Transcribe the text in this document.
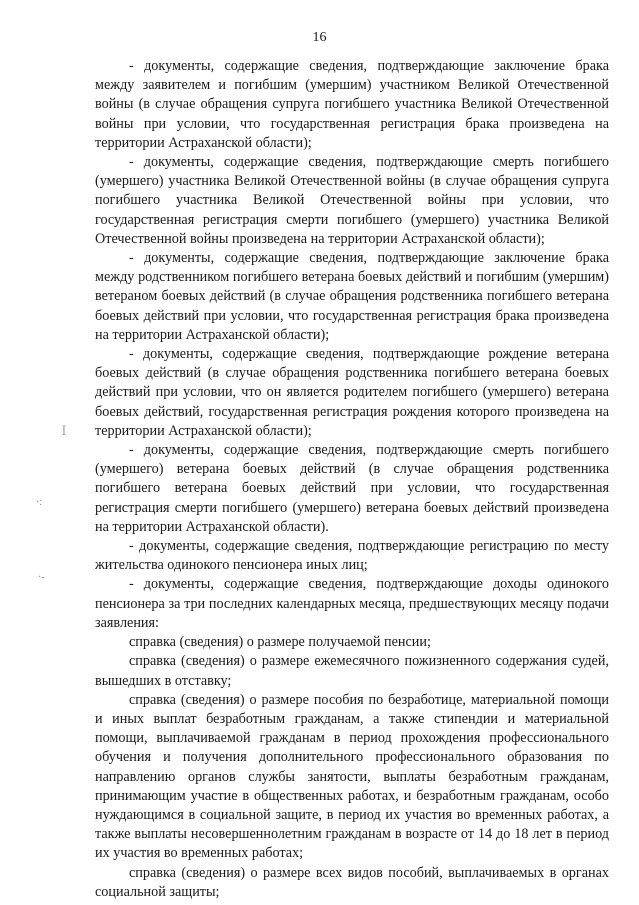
16
ꟾ
·:
·-

- документы, содержащие сведения, подтверждающие заключение брака между заявителем и погибшим (умершим) участником Великой Отечественной войны (в случае обращения супруга погибшего участника Великой Отечественной войны при условии, что государственная регистрация брака произведена на территории Астраханской области);

- документы, содержащие сведения, подтверждающие смерть погибшего (умершего) участника Великой Отечественной войны (в случае обращения супруга погибшего участника Великой Отечественной войны при условии, что государственная регистрация смерти погибшего (умершего) участника Великой Отечественной войны произведена на территории Астраханской области);

- документы, содержащие сведения, подтверждающие заключение брака между родственником погибшего ветерана боевых действий и погибшим (умершим) ветераном боевых действий (в случае обращения родственника погибшего ветерана боевых действий при условии, что государственная регистрация брака произведена на территории Астраханской области);

- документы, содержащие сведения, подтверждающие рождение ветерана боевых действий (в случае обращения родственника погибшего ветерана боевых действий при условии, что он является родителем погибшего (умершего) ветерана боевых действий, государственная регистрация рождения которого произведена на территории Астраханской области);

- документы, содержащие сведения, подтверждающие смерть погибшего (умершего) ветерана боевых действий (в случае обращения родственника погибшего ветерана боевых действий при условии, что государственная регистрация смерти погибшего (умершего) ветерана боевых действий произведена на территории Астраханской области).

- документы, содержащие сведения, подтверждающие регистрацию по месту жительства одинокого пенсионера иных лиц;

- документы, содержащие сведения, подтверждающие доходы одинокого пенсионера за три последних календарных месяца, предшествующих месяцу подачи заявления:

справка (сведения) о размере получаемой пенсии;

справка (сведения) о размере ежемесячного пожизненного содержания судей, вышедших в отставку;

справка (сведения) о размере пособия по безработице, материальной помощи и иных выплат безработным гражданам, а также стипендии и материальной помощи, выплачиваемой гражданам в период прохождения профессионального обучения и получения дополнительного профессионального образования по направлению органов службы занятости, выплаты безработным гражданам, принимающим участие в общественных работах, и безработным гражданам, особо нуждающимся в социальной защите, в период их участия во временных работах, а также выплаты несовершеннолетним гражданам в возрасте от 14 до 18 лет в период их участия во временных работах;

справка (сведения) о размере всех видов пособий, выплачиваемых в органах социальной защиты;
